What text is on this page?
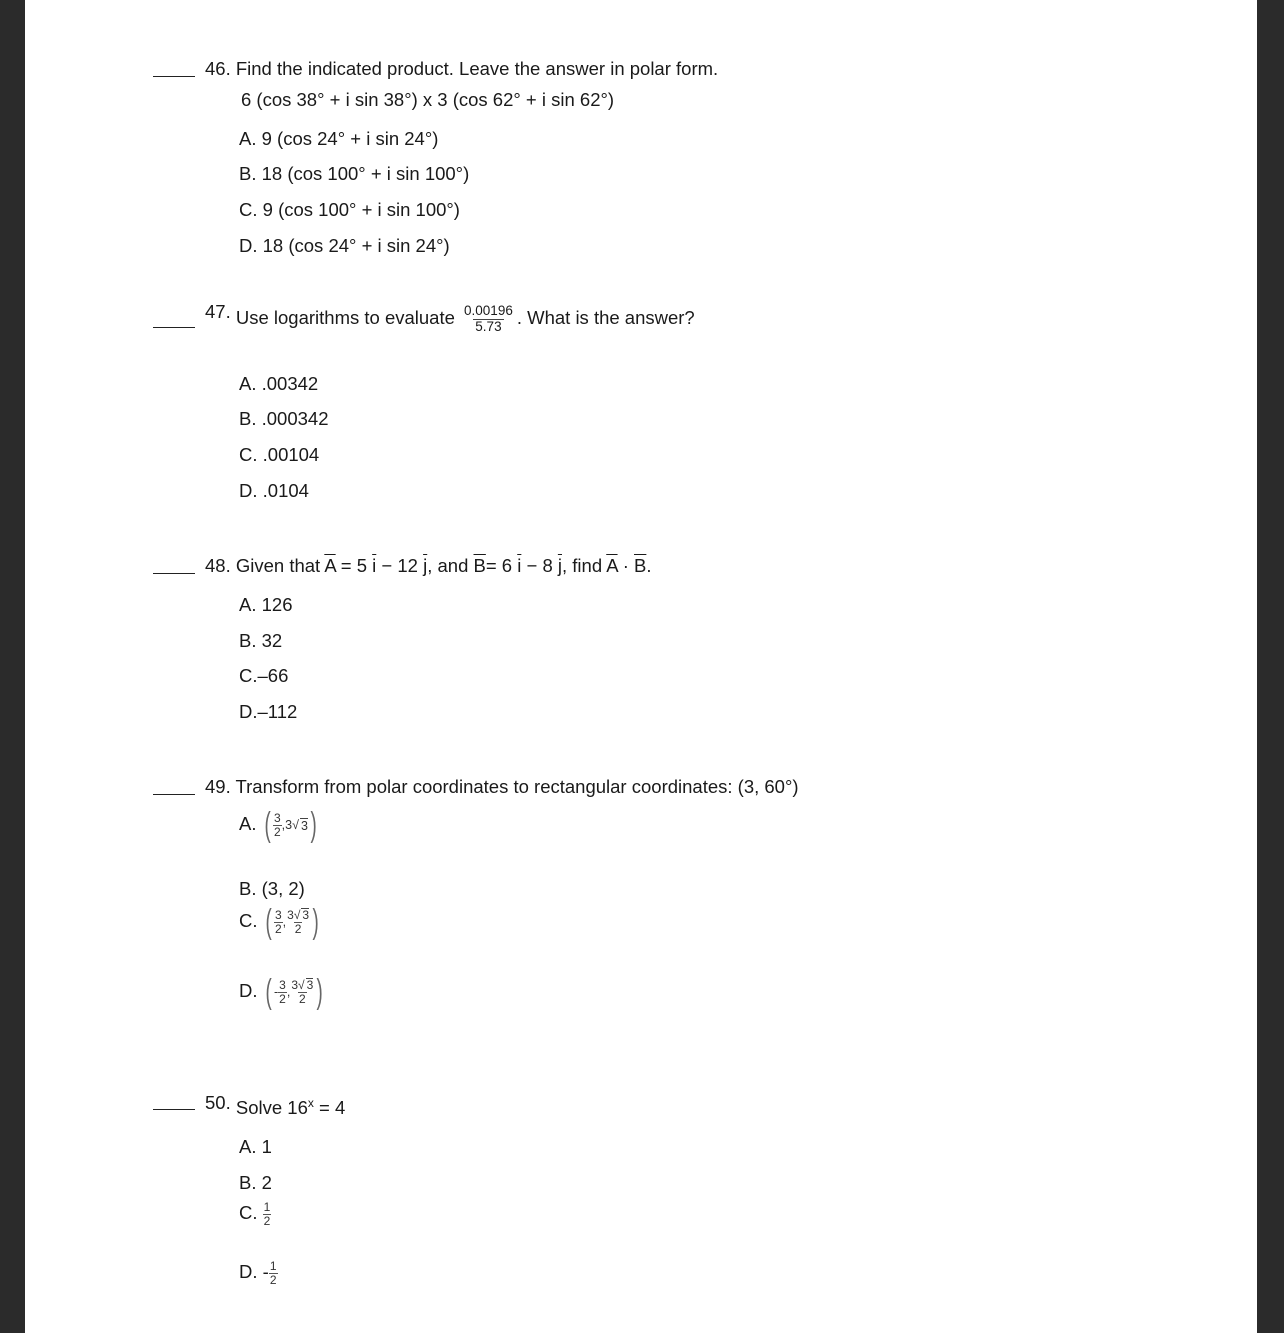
46. Find the indicated product. Leave the answer in polar form.
6 (cos 38° + i sin 38°) x 3 (cos 62° + i sin 62°)
A. 9 (cos 24° + i sin 24°)
B. 18 (cos 100° + i sin 100°)
C. 9 (cos 100° + i sin 100°)
D. 18 (cos 24° + i sin 24°)
47. Use logarithms to evaluate $\frac{0.00196}{5.73}$ . What is the answer?
A. .00342
B. .000342
C. .00104
D. .0104
48. Given that $\overline{A} = 5$ $\overline{i} - 12$ $\overline{j}$, and $\overline{B}= 6$ $\overline{i} - 8$ $\overline{j}$, find $\overline{A} \cdot \overline{B}$.
A. 126
B. 32
C.–66
D.–112
49. Transform from polar coordinates to rectangular coordinates: (3, 60°)
A. ( 3
2 , 3 √ 3 )
B. (3, 2)
C. ( 3
2 , 3√ 3
2 )
D. ( -
3
2 , 3√ 3
2 )
50. Solve $16^x = 4$
A. 1
B. 2
C. $\frac{1}{2}$
D. - $\frac{1}{2}$
